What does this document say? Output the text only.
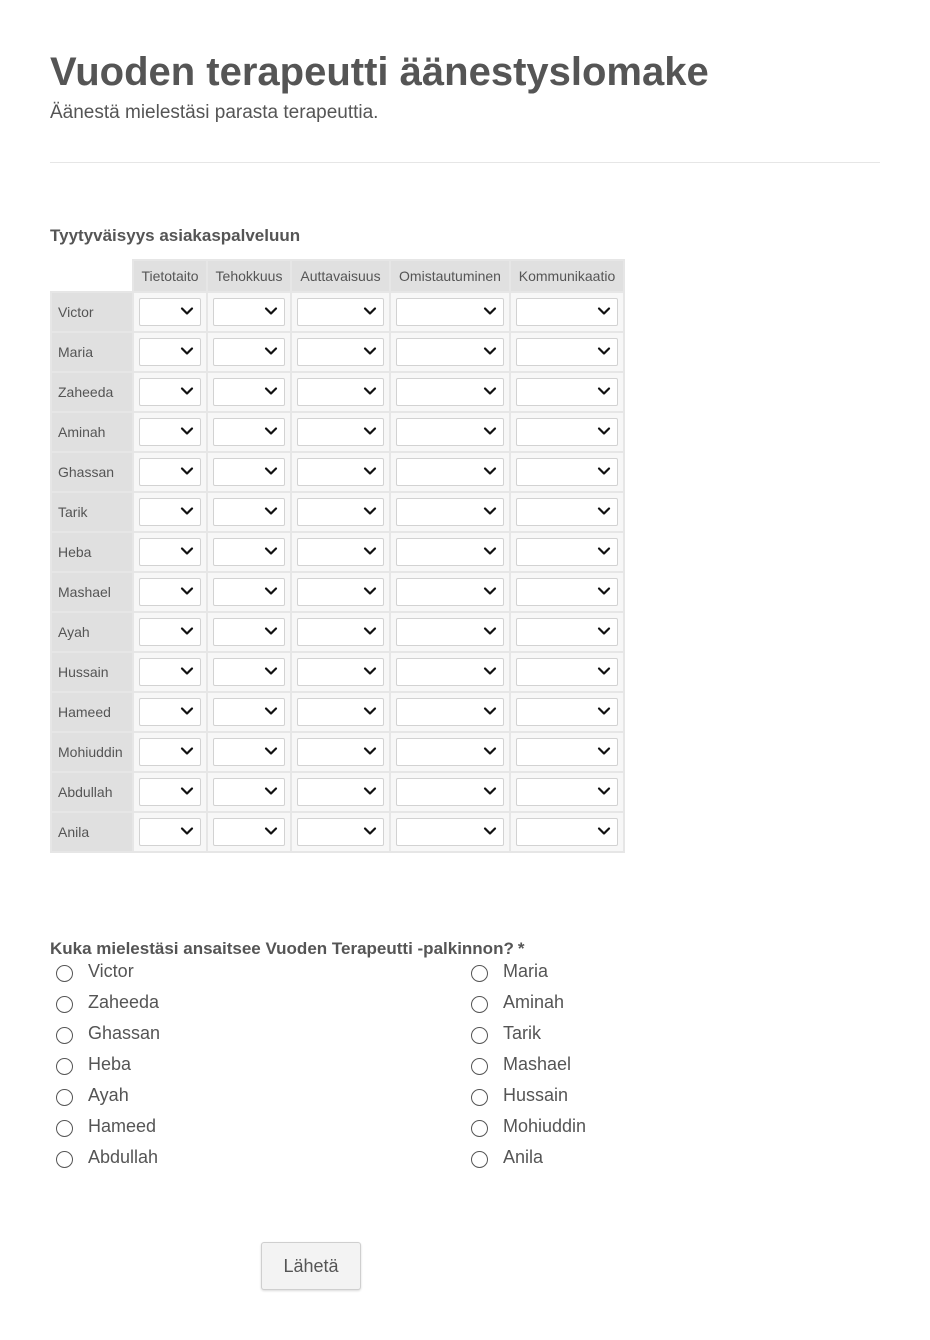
Vuoden terapeutti äänestyslomake

Äänestä mielestäsi parasta terapeuttia.

Tyytyväisyys asiakaspalveluun
	Tietotaito	Tehokkuus	Auttavaisuus	Omistautuminen	Kommunikaatio
Victor	

Maria	

Zaheeda	

Aminah	

Ghassan	

Tarik	

Heba	

Mashael	

Ayah	

Hussain	

Hameed	

Mohiuddin	

Abdullah	

Anila	

Kuka mielestäsi ansaitsee Vuoden Terapeutti -palkinnon? *
Victor	Maria
Zaheeda	Aminah
Ghassan	Tarik
Heba	Mashael
Ayah	Hussain
Hameed	Mohiuddin
Abdullah	Anila
Lähetä
